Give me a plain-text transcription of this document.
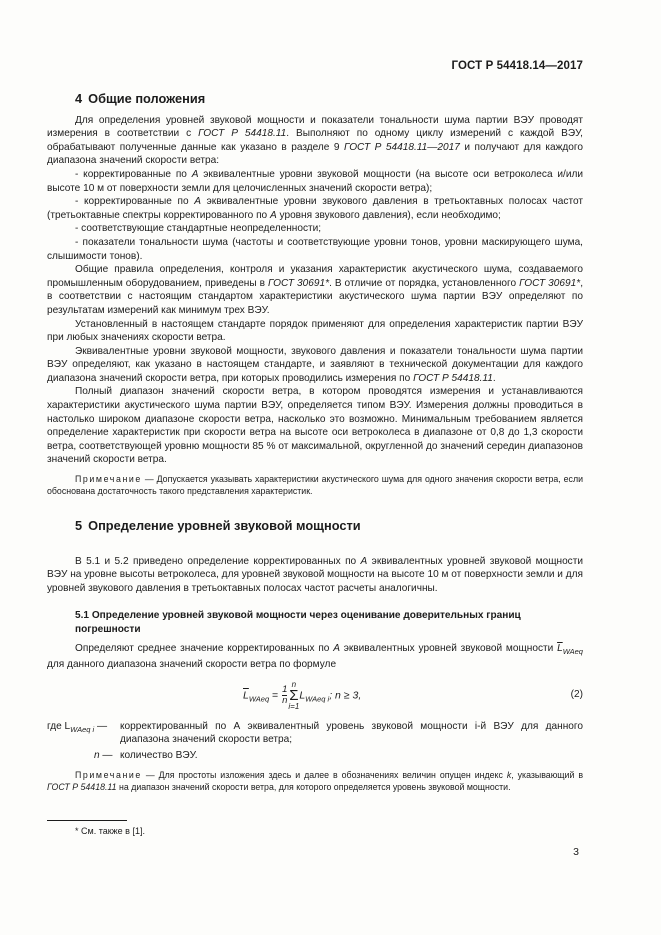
ГОСТ Р 54418.14—2017
4 Общие положения

Для определения уровней звуковой мощности и показатели тональности шума партии ВЭУ проводят измерения в соответствии с ГОСТ Р 54418.11. Выполняют по одному циклу измерений с каждой ВЭУ, обрабатывают полученные данные как указано в разделе 9 ГОСТ Р 54418.11—2017 и получают для каждого диапазона значений скорости ветра:

- корректированные по А эквивалентные уровни звуковой мощности (на высоте оси ветроколеса и/или высоте 10 м от поверхности земли для целочисленных значений скорости ветра);

- корректированные по А эквивалентные уровни звукового давления в третьоктавных полосах частот (третьоктавные спектры корректированного по А уровня звукового давления), если необходимо;

- соответствующие стандартные неопределенности;

- показатели тональности шума (частоты и соответствующие уровни тонов, уровни маскирующего шума, слышимости тонов).

Общие правила определения, контроля и указания характеристик акустического шума, создаваемого промышленным оборудованием, приведены в ГОСТ 30691*. В отличие от порядка, установленного ГОСТ 30691*, в соответствии с настоящим стандартом характеристики акустического шума партии ВЭУ определяют по результатам измерений как минимум трех ВЭУ.

Установленный в настоящем стандарте порядок применяют для определения характеристик партии ВЭУ при любых значениях скорости ветра.

Эквивалентные уровни звуковой мощности, звукового давления и показатели тональности шума партии ВЭУ определяют, как указано в настоящем стандарте, и заявляют в технической документации для каждого диапазона значений скорости ветра, при которых проводились измерения по ГОСТ Р 54418.11.

Полный диапазон значений скорости ветра, в котором проводятся измерения и устанавливаются характеристики акустического шума партии ВЭУ, определяется типом ВЭУ. Измерения должны проводиться в настолько широком диапазоне скорости ветра, насколько это возможно. Минимальным требованием является определение характеристик при скорости ветра на высоте оси ветроколеса в диапазоне от 0,8 до 1,3 скорости ветра, соответствующей уровню мощности 85 % от максимальной, округленной до значений середин диапазонов значений скорости ветра.

Примечание — Допускается указывать характеристики акустического шума для одного значения скорости ветра, если обоснована достаточность такого представления характеристик.

5 Определение уровней звуковой мощности

В 5.1 и 5.2 приведено определение корректированных по А эквивалентных уровней звуковой мощности ВЭУ на уровне высоты ветроколеса, для уровней звуковой мощности на высоте 10 м от поверхности земли и для уровней звукового давления в третьоктавных полосах частот расчеты аналогичны.

5.1 Определение уровней звуковой мощности через оценивание доверительных границ
погрешности

Определяют среднее значение корректированных по А эквивалентных уровней звуковой мощности $\overline{L}_{WAeq}$ для данного диапазона значений скорости ветра по формуле

$\overline{L}_{WAeq} = \frac{1}{n}$
n
Σ
i=1
$L_{WAeq i}$; n ≥ 3,	(2)
где $L_{WAeq i}$ — корректированный по А эквивалентный уровень звуковой мощности i-й ВЭУ для данного диапазона значений скорости ветра;
n — количество ВЭУ.

Примечание — Для простоты изложения здесь и далее в обозначениях величин опущен индекс k, указывающий в ГОСТ Р 54418.11 на диапазон значений скорости ветра, для которого определяется уровень звуковой мощности.

* См. также в [1].
3
